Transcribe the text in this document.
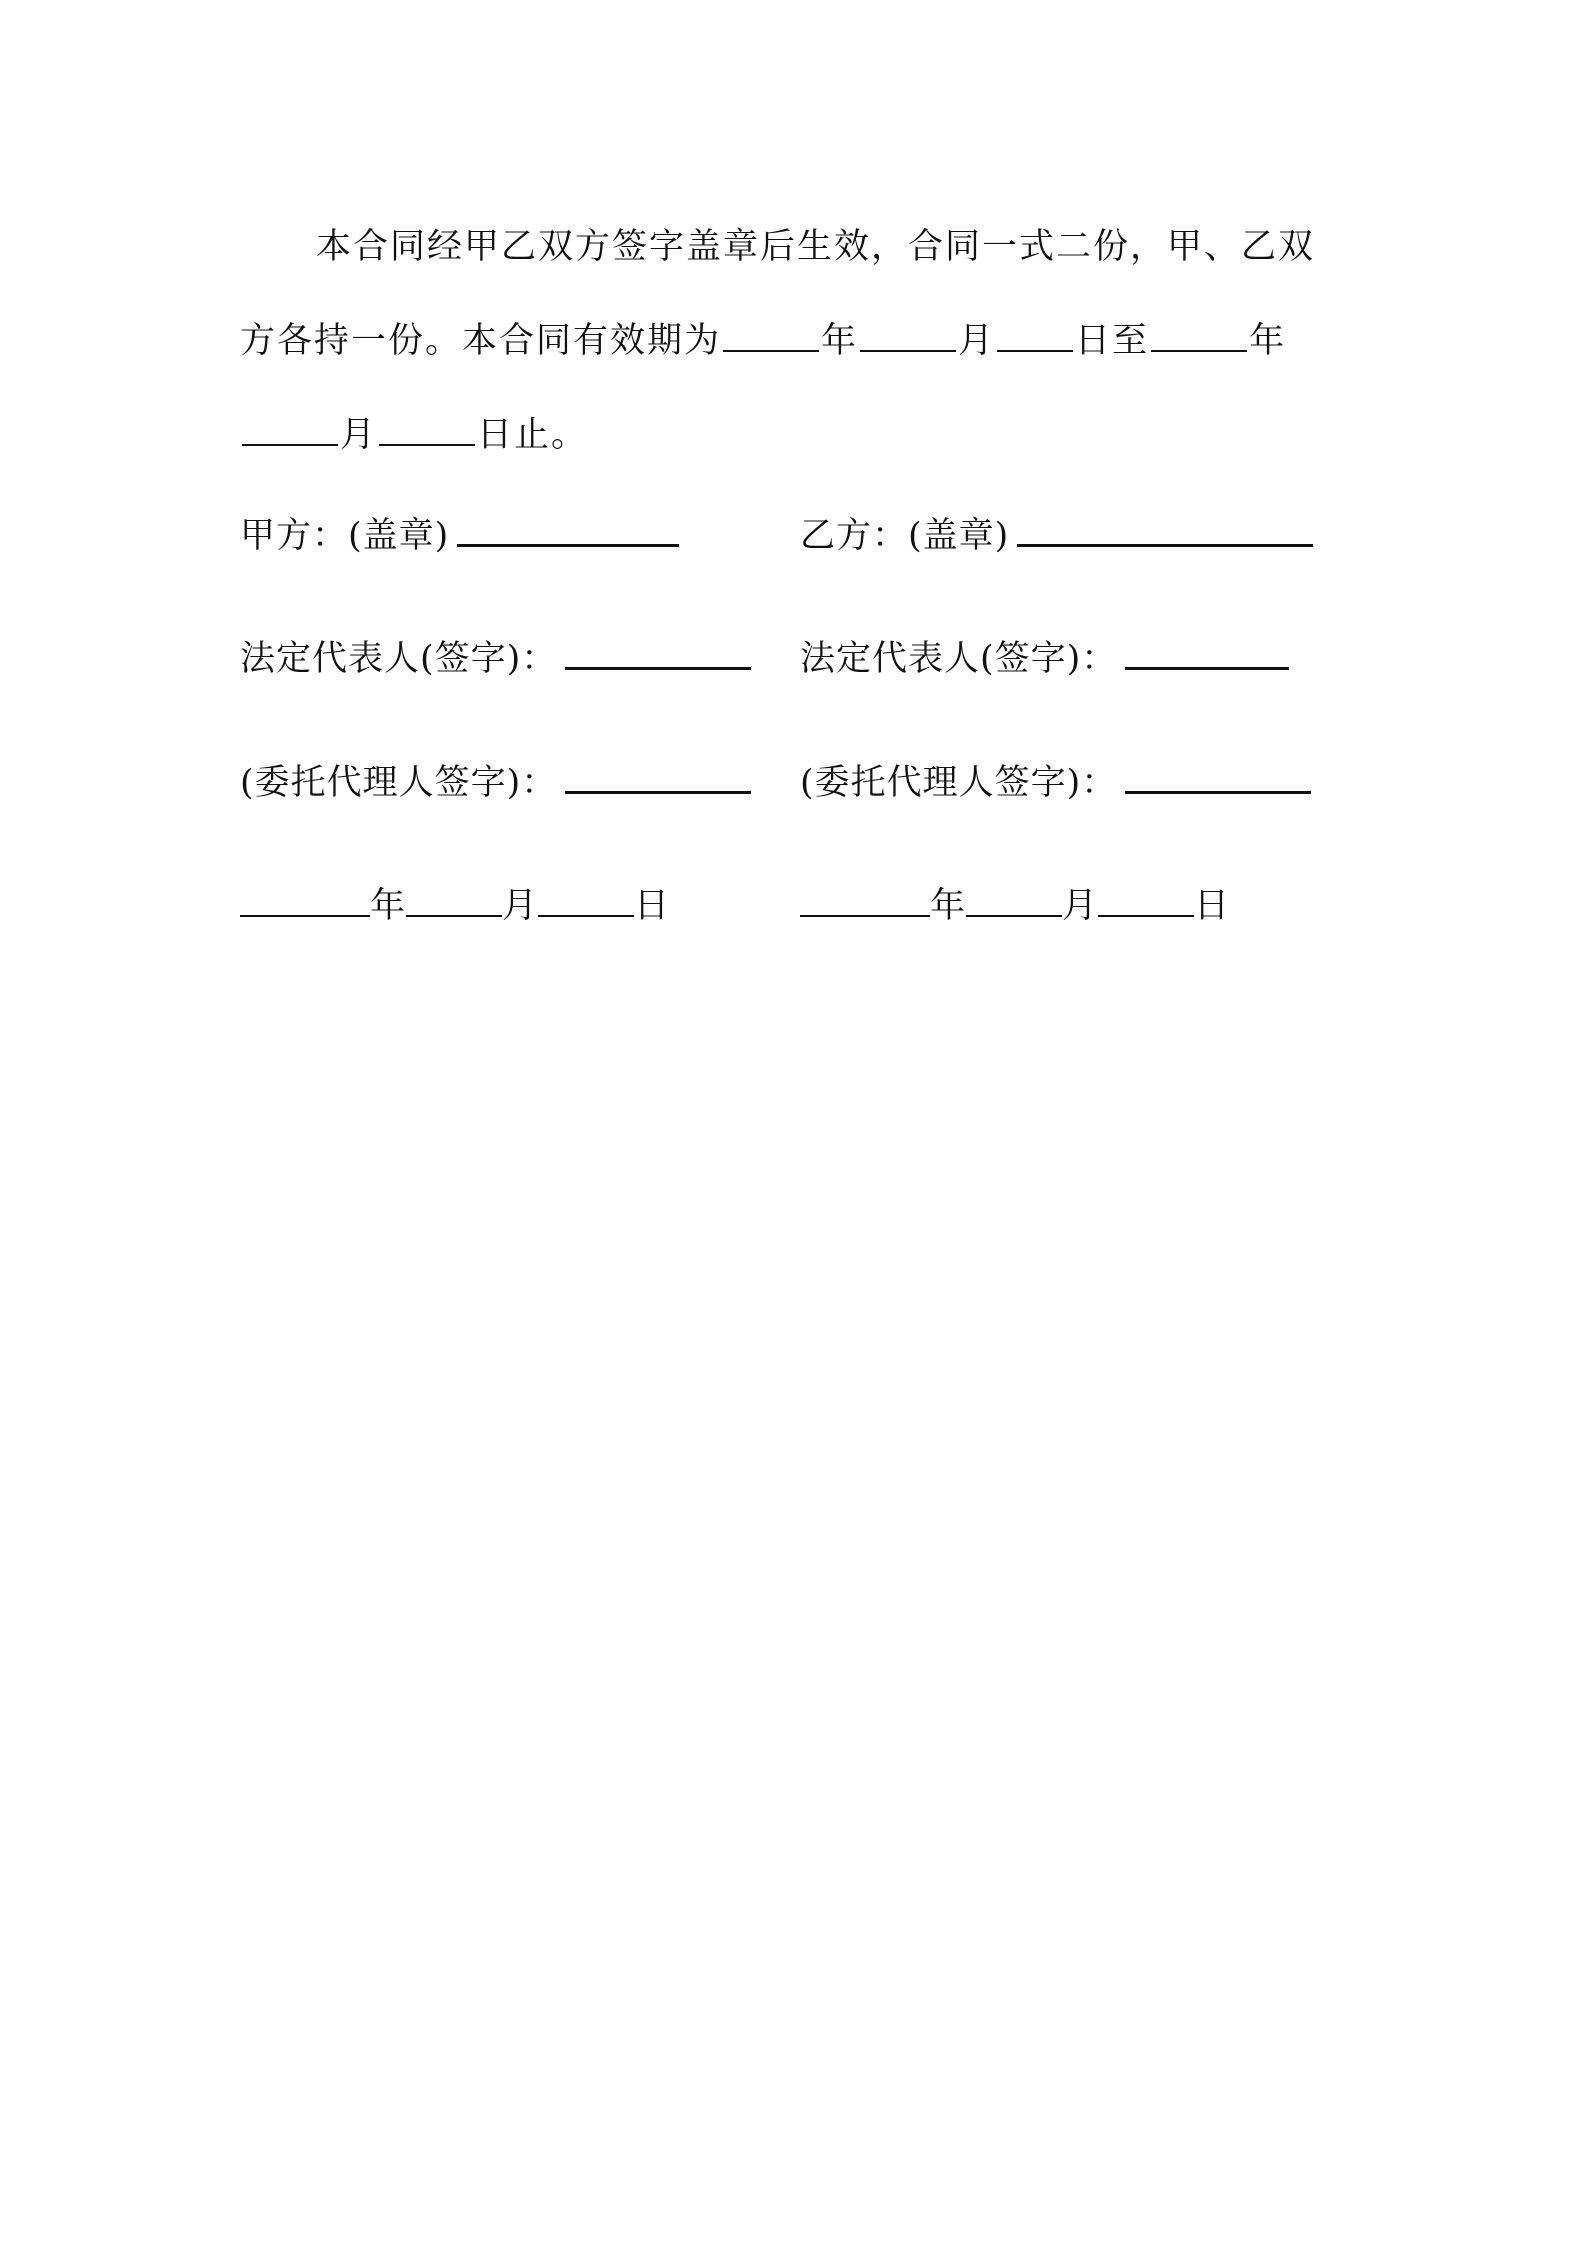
本合同经甲乙双方签字盖章后生效，合同一式二份，甲、乙双方各持一份。本合同有效期为	年	月 日至	年月	日止。

甲方：(盖章)	乙方：(盖章)
法定代表人(签字)：	法定代表人(签字)：
(委托代理人签字)：	(委托代理人签字)：
年	月	日	年	月	日
